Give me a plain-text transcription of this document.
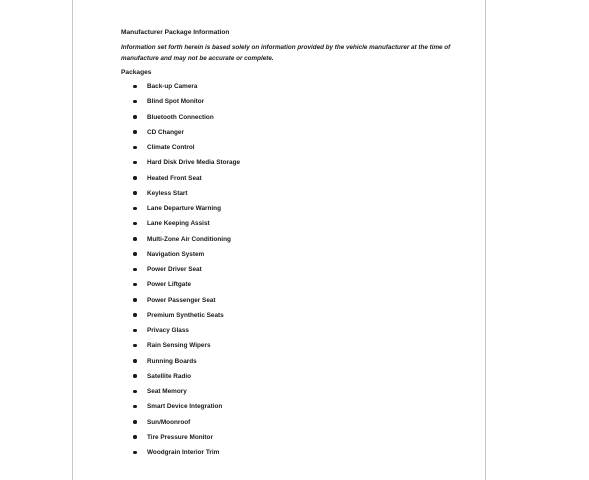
Manufacturer Package Information

Information set forth herein is based solely on information provided by the vehicle manufacturer at the time of manufacture and may not be accurate or complete.

Packages

Back-up Camera
Blind Spot Monitor
Bluetooth Connection
CD Changer
Climate Control
Hard Disk Drive Media Storage
Heated Front Seat
Keyless Start
Lane Departure Warning
Lane Keeping Assist
Multi-Zone Air Conditioning
Navigation System
Power Driver Seat
Power Liftgate
Power Passenger Seat
Premium Synthetic Seats
Privacy Glass
Rain Sensing Wipers
Running Boards
Satellite Radio
Seat Memory
Smart Device Integration
Sun/Moonroof
Tire Pressure Monitor
Woodgrain Interior Trim
